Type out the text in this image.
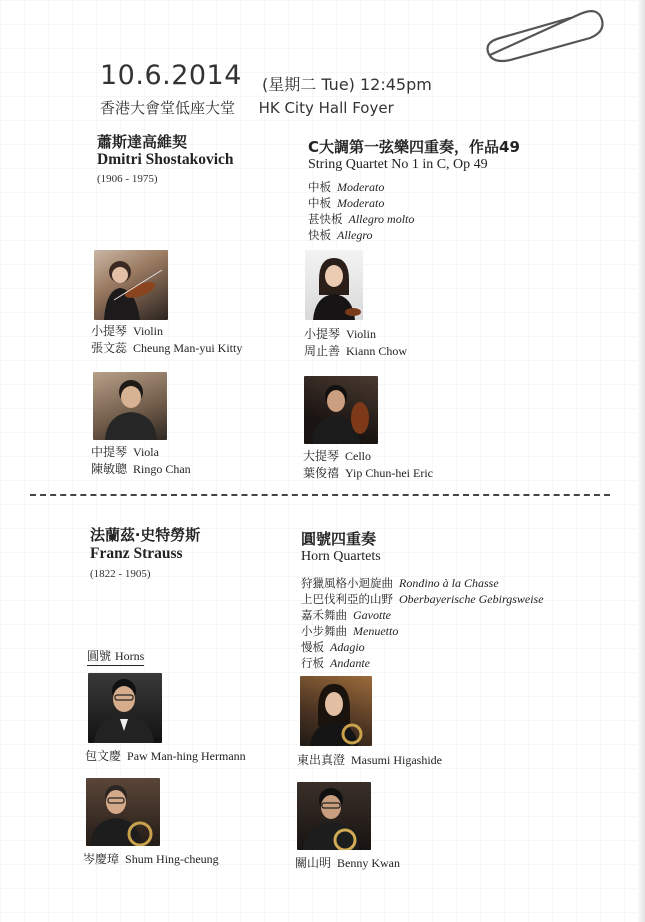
10.6.2014 (星期二 Tue) 12:45pm
香港大會堂低座大堂 HK City Hall Foyer
蕭斯達高維契
Dmitri Shostakovich
(1906 - 1975)
C大調第一弦樂四重奏，作品49
String Quartet No 1 in C, Op 49
中板 Moderato
中板 Moderato
甚快板 Allegro molto
快板 Allegro
小提琴 Violin
張文蕊 Cheung Man-yui Kitty
小提琴 Violin
周止善 Kiann Chow
中提琴 Viola
陳敏聰 Ringo Chan
大提琴 Cello
葉俊禧 Yip Chun-hei Eric
法蘭茲‧史特勞斯
Franz Strauss
(1822 - 1905)
圓號四重奏
Horn Quartets
狩獵風格小迴旋曲 Rondino à la Chasse
上巴伐利亞的山野 Oberbayerische Gebirgsweise
嘉禾舞曲 Gavotte
小步舞曲 Menuetto
慢板 Adagio
行板 Andante
圓號 Horns
包文慶 Paw Man-hing Hermann	東出真澄 Masumi Higashide
岑慶璋 Shum Hing-cheung	關山明 Benny Kwan
